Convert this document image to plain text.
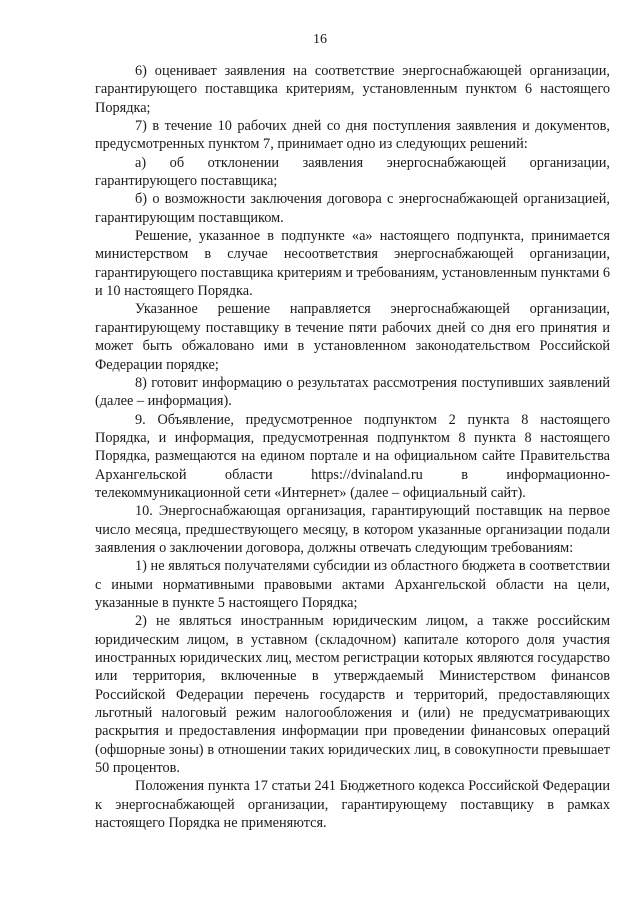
16

6) оценивает заявления на соответствие энергоснабжающей организации, гарантирующего поставщика критериям, установленным пунктом 6 настоящего Порядка;

7) в течение 10 рабочих дней со дня поступления заявления и документов, предусмотренных пунктом 7, принимает одно из следующих решений:

а) об отклонении заявления энергоснабжающей организации, гарантирующего поставщика;

б) о возможности заключения договора с энергоснабжающей организацией, гарантирующим поставщиком.

Решение, указанное в подпункте «а» настоящего подпункта, принимается министерством в случае несоответствия энергоснабжающей организации, гарантирующего поставщика критериям и требованиям, установленным пунктами 6 и 10 настоящего Порядка.

Указанное решение направляется энергоснабжающей организации, гарантирующему поставщику в течение пяти рабочих дней со дня его принятия и может быть обжаловано ими в установленном законодательством Российской Федерации порядке;

8) готовит информацию о результатах рассмотрения поступивших заявлений (далее – информация).

9. Объявление, предусмотренное подпунктом 2 пункта 8 настоящего Порядка, и информация, предусмотренная подпунктом 8 пункта 8 настоящего Порядка, размещаются на едином портале и на официальном сайте Правительства Архангельской области https://dvinaland.ru в информационно-телекоммуникационной сети «Интернет» (далее – официальный сайт).

10. Энергоснабжающая организация, гарантирующий поставщик на первое число месяца, предшествующего месяцу, в котором указанные организации подали заявления о заключении договора, должны отвечать следующим требованиям:

1) не являться получателями субсидии из областного бюджета в соответствии с иными нормативными правовыми актами Архангельской области на цели, указанные в пункте 5 настоящего Порядка;

2) не являться иностранным юридическим лицом, а также российским юридическим лицом, в уставном (складочном) капитале которого доля участия иностранных юридических лиц, местом регистрации которых являются государство или территория, включенные в утверждаемый Министерством финансов Российской Федерации перечень государств и территорий, предоставляющих льготный налоговый режим налогообложения и (или) не предусматривающих раскрытия и предоставления информации при проведении финансовых операций (офшорные зоны) в отношении таких юридических лиц, в совокупности превышает 50 процентов.

Положения пункта 17 статьи 241 Бюджетного кодекса Российской Федерации к энергоснабжающей организации, гарантирующему поставщику в рамках настоящего Порядка не применяются.
